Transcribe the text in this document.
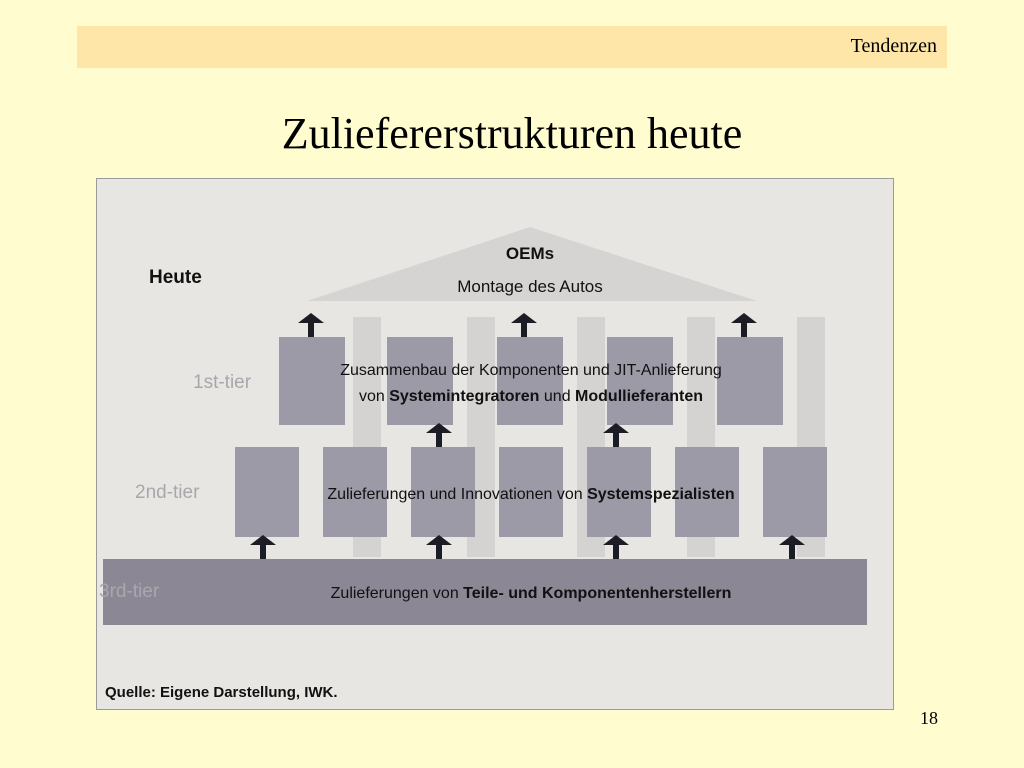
Tendenzen
Zuliefererstrukturen heute
Heute
OEMs
Montage des Autos
1st-tier
Zusammenbau der Komponenten und JIT-Anlieferung
von Systemintegratoren und Modullieferanten
2nd-tier	Zulieferungen und Innovationen von Systemspezialisten
3rd-tier	Zulieferungen von Teile- und Komponentenherstellern
Quelle: Eigene Darstellung, IWK.
18
